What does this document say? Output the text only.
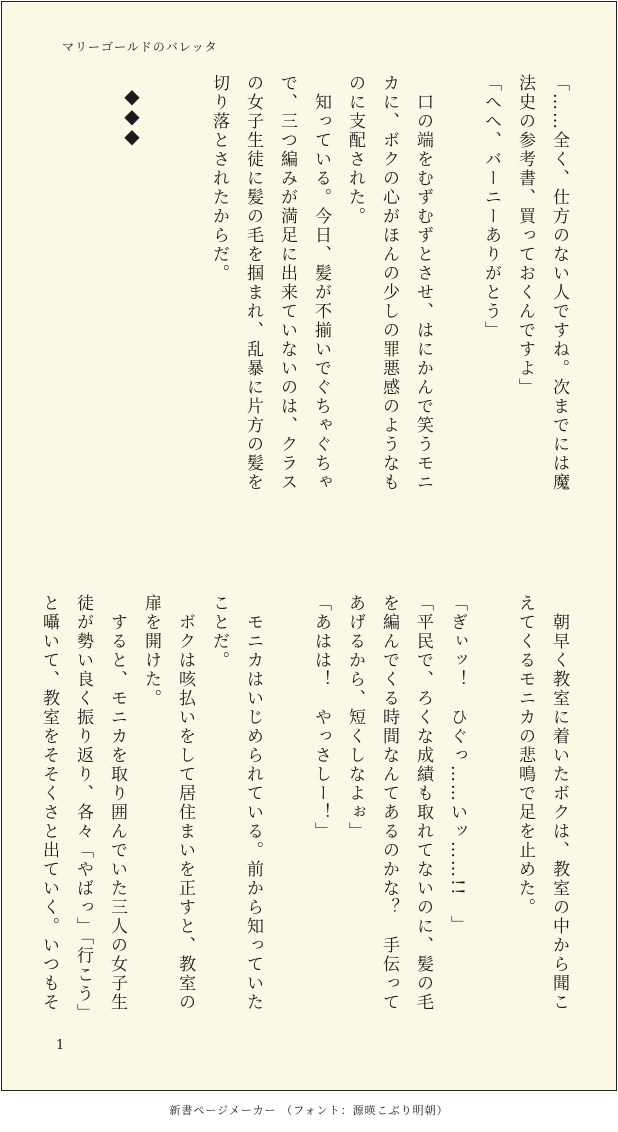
マリーゴールドのバレッタ
◆
◆
◆	「……全く、仕方のない人ですね。次までには魔
法史の参考書、買っておくんですよ」
「へへ、バーニーありがとう」

　口の端をむずむずとさせ、はにかんで笑うモニ
カに、ボクの心がほんの少しの罪悪感のようなも
のに支配された。
　知っている。今日、髪が不揃いでぐちゃぐちゃ
で、三つ編みが満足に出来ていないのは、クラス
の女子生徒に髪の毛を掴まれ、乱暴に片方の髪を
切り落とされたからだ。
　朝早く教室に着いたボクは、教室の中から聞こ
えてくるモニカの悲鳴で足を止めた。

「ぎぃッ！　ひぐっ……いッ……!!　」
「平民で、ろくな成績も取れてないのに、髪の毛
を編んでくる時間なんてあるのかな？　手伝って
あげるから、短くしなよぉ」
「あはは！　やっさしー！」

　モニカはいじめられている。前から知っていた
ことだ。
　ボクは咳払いをして居住まいを正すと、教室の
扉を開けた。
　すると、モニカを取り囲んでいた三人の女子生
徒が勢い良く振り返り、各々「やばっ」「行こう」
と囁いて、教室をそそくさと出ていく。いつもそ
1
新書ページメーカー （フォント：源暎こぶり明朝）
